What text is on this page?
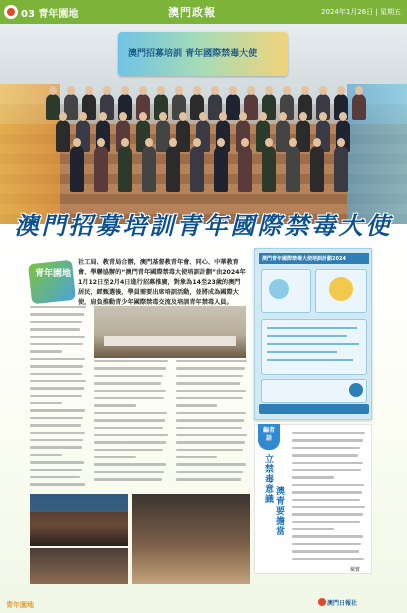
03 青年園地	澳門政報	2024年1月26日 | 星期五
澳門招募培訓 青年國際禁毒大使
澳門招募培訓青年國際禁毒大使
青年園地
社工局、教青局合辦，澳門基督教青年會、同心、中華教育會、學聯協辦的“澳門青年國際禁毒大使培訓計劃”由2024年1月12日至2月4日進行招募推廣，對象為14至23歲的澳門居民，經甄選後，學員需要出席培訓活動，並將成為國際大使，肩負推動青少年國際禁毒交流及培訓青年禁毒人員。
澳門青年國際禁毒大使培訓計劃2024
編者語
立禁毒意識
澳青要擔當
戴寶
青年園地	澳門日報社
